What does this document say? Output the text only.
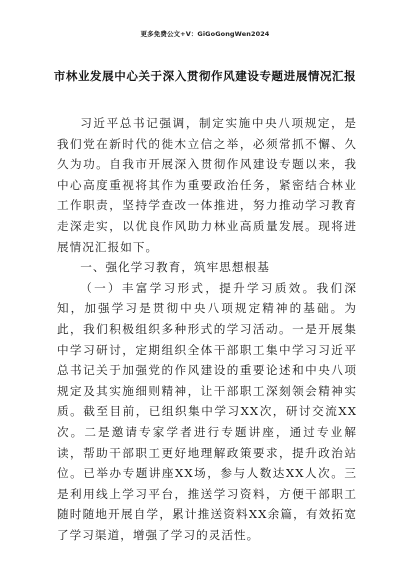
更多免费公文+V：GiGoGongWen2024
市林业发展中心关于深入贯彻作风建设专题进展情况汇报

习近平总书记强调，制定实施中央八项规定，是我们党在新时代的徙木立信之举，必须常抓不懈、久久为功。自我市开展深入贯彻作风建设专题以来，我中心高度重视将其作为重要政治任务，紧密结合林业工作职责，坚持学查改一体推进，努力推动学习教育走深走实，以优良作风助力林业高质量发展。现将进展情况汇报如下。

一、强化学习教育，筑牢思想根基

（一）丰富学习形式，提升学习质效。我们深知，加强学习是贯彻中央八项规定精神的基础。为此，我们积极组织多种形式的学习活动。一是开展集中学习研讨，定期组织全体干部职工集中学习习近平总书记关于加强党的作风建设的重要论述和中央八项规定及其实施细则精神，让干部职工深刻领会精神实质。截至目前，已组织集中学习XX次，研讨交流XX次。二是邀请专家学者进行专题讲座，通过专业解读，帮助干部职工更好地理解政策要求，提升政治站位。已举办专题讲座XX场，参与人数达XX人次。三是利用线上学习平台，推送学习资料，方便干部职工随时随地开展自学，累计推送资料XX余篇，有效拓宽了学习渠道，增强了学习的灵活性。
